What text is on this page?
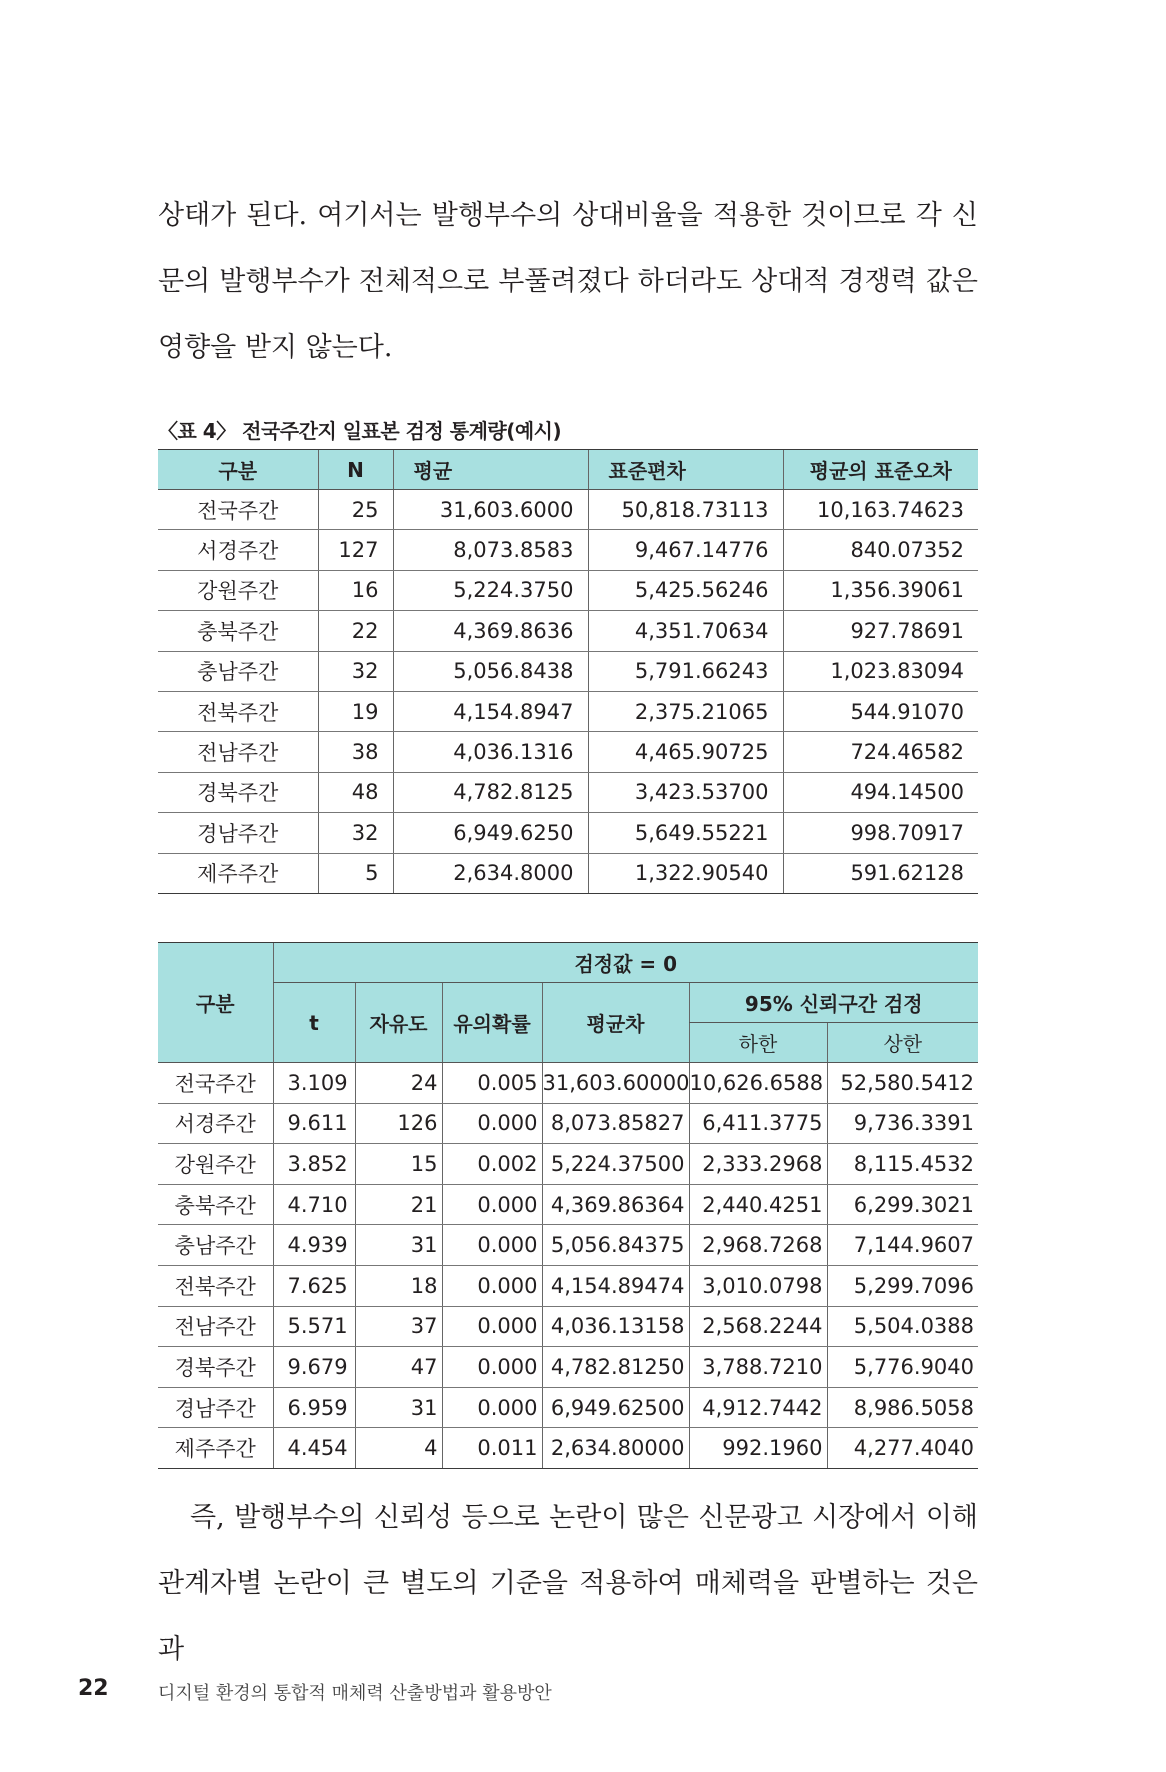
상태가 된다. 여기서는 발행부수의 상대비율을 적용한 것이므로 각 신문의 발행부수가 전체적으로 부풀려졌다 하더라도 상대적 경쟁력 값은 영향을 받지 않는다.

〈표 4〉 전국주간지 일표본 검정 통계량(예시)
구분	N	평균	표준편차	평균의 표준오차
전국주간	25	31,603.6000	50,818.73113	10,163.74623
서경주간	127	8,073.8583	9,467.14776	840.07352
강원주간	16	5,224.3750	5,425.56246	1,356.39061
충북주간	22	4,369.8636	4,351.70634	927.78691
충남주간	32	5,056.8438	5,791.66243	1,023.83094
전북주간	19	4,154.8947	2,375.21065	544.91070
전남주간	38	4,036.1316	4,465.90725	724.46582
경북주간	48	4,782.8125	3,423.53700	494.14500
경남주간	32	6,949.6250	5,649.55221	998.70917
제주주간	5	2,634.8000	1,322.90540	591.62128
구분	검정값 = 0					
	t	자유도	유의확률	평균차	95% 신뢰구간 검정	
					하한	상한
전국주간	3.109	24	0.005	31,603.60000	10,626.6588	52,580.5412
서경주간	9.611	126	0.000	8,073.85827	6,411.3775	9,736.3391
강원주간	3.852	15	0.002	5,224.37500	2,333.2968	8,115.4532
충북주간	4.710	21	0.000	4,369.86364	2,440.4251	6,299.3021
충남주간	4.939	31	0.000	5,056.84375	2,968.7268	7,144.9607
전북주간	7.625	18	0.000	4,154.89474	3,010.0798	5,299.7096
전남주간	5.571	37	0.000	4,036.13158	2,568.2244	5,504.0388
경북주간	9.679	47	0.000	4,782.81250	3,788.7210	5,776.9040
경남주간	6.959	31	0.000	6,949.62500	4,912.7442	8,986.5058
제주주간	4.454	4	0.011	2,634.80000	992.1960	4,277.4040

즉, 발행부수의 신뢰성 등으로 논란이 많은 신문광고 시장에서 이해관계자별 논란이 큰 별도의 기준을 적용하여 매체력을 판별하는 것은 과

22	디지털 환경의 통합적 매체력 산출방법과 활용방안
